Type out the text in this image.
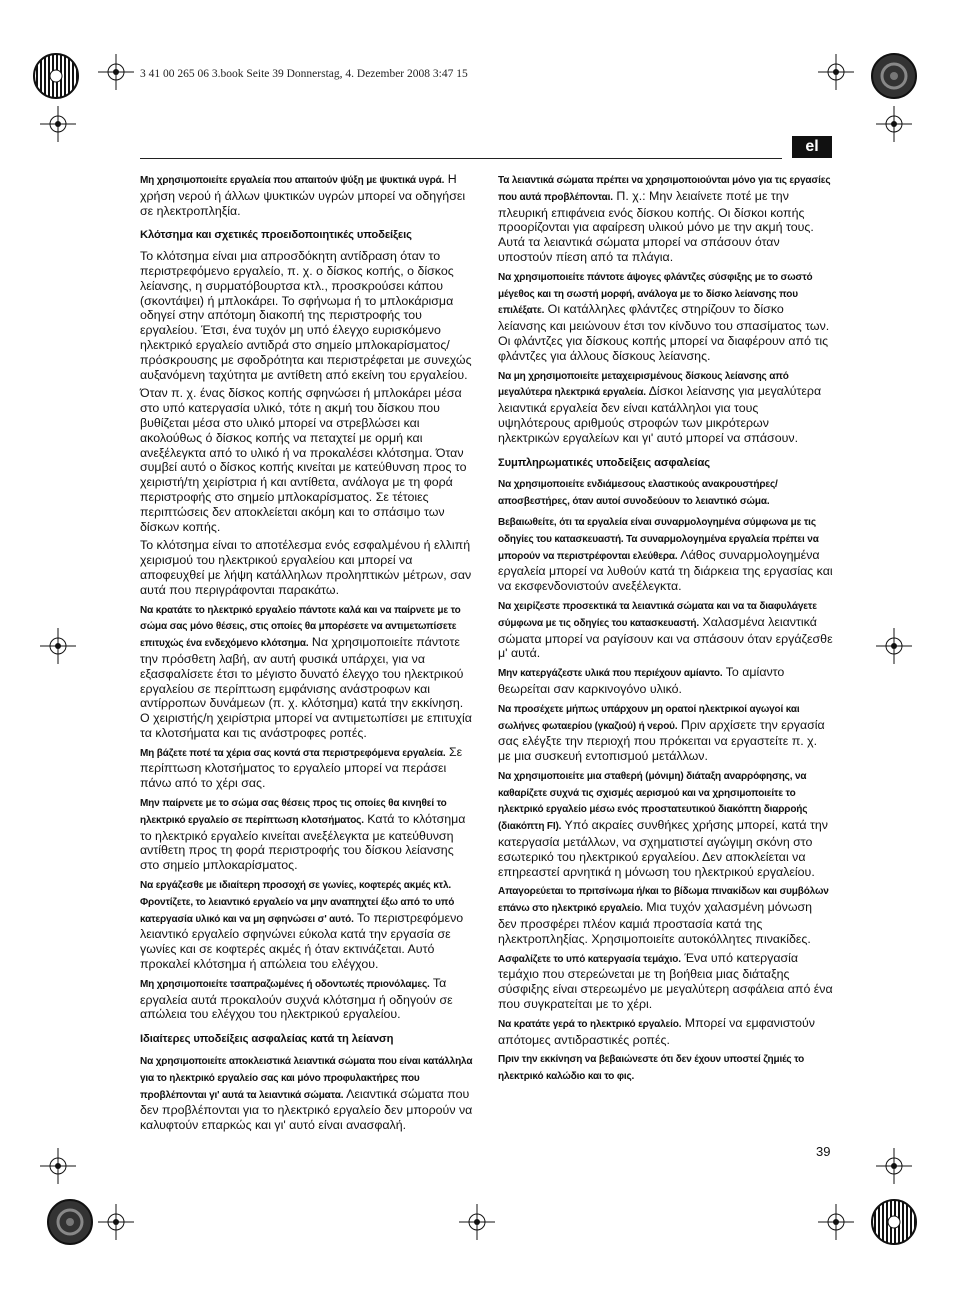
3 41 00 265 06 3.book Seite 39 Donnerstag, 4. Dezember 2008 3:47 15
el

Μη χρησιμοποιείτε εργαλεία που απαιτούν ψύξη με ψυκτικά υγρά. Η χρήση νερού ή άλλων ψυκτικών υγρών μπορεί να οδηγήσει σε ηλεκτροπληξία.

Κλότσημα και σχετικές προειδοποιητικές υποδείξεις

Το κλότσημα είναι μια απροσδόκητη αντίδραση όταν το περιστρεφόμενο εργαλείο, π. χ. ο δίσκος κοπής, ο δίσκος λείανσης, η συρματόβουρτσα κτλ., προσκρούσει κάπου (σκοντάψει) ή μπλοκάρει. Το σφήνωμα ή το μπλοκάρισμα οδηγεί στην απότομη διακοπή της περιστροφής του εργαλείου. Έτσι, ένα τυχόν μη υπό έλεγχο ευρισκόμενο ηλεκτρικό εργαλείο αντιδρά στο σημείο μπλοκαρίσματος/ πρόσκρουσης με σφοδρότητα και περιστρέφεται με συνεχώς αυξανόμενη ταχύτητα με αντίθετη από εκείνη του εργαλείου.

Όταν π. χ. ένας δίσκος κοπής σφηνώσει ή μπλοκάρει μέσα στο υπό κατεργασία υλικό, τότε η ακμή του δίσκου που βυθίζεται μέσα στο υλικό μπορεί να στρεβλώσει και ακολούθως ό δίσκος κοπής να πεταχτεί με ορμή και ανεξέλεγκτα από το υλικό ή να προκαλέσει κλότσημα. Όταν συμβεί αυτό ο δίσκος κοπής κινείται με κατεύθυνση προς το χειριστή/τη χειρίστρια ή και αντίθετα, ανάλογα με τη φορά περιστροφής στο σημείο μπλοκαρίσματος. Σε τέτοιες περιπτώσεις δεν αποκλείεται ακόμη και το σπάσιμο των δίσκων κοπής.

Το κλότσημα είναι το αποτέλεσμα ενός εσφαλμένου ή ελλιπή χειρισμού του ηλεκτρικού εργαλείου και μπορεί να αποφευχθεί με λήψη κατάλληλων προληπτικών μέτρων, σαν αυτά που περιγράφονται παρακάτω.

Να κρατάτε το ηλεκτρικό εργαλείο πάντοτε καλά και να παίρνετε με το σώμα σας μόνο θέσεις, στις οποίες θα μπορέσετε να αντιμετωπίσετε επιτυχώς ένα ενδεχόμενο κλότσημα. Να χρησιμοποιείτε πάντοτε την πρόσθετη λαβή, αν αυτή φυσικά υπάρχει, για να εξασφαλίσετε έτσι το μέγιστο δυνατό έλεγχο του ηλεκτρικού εργαλείου σε περίπτωση εμφάνισης ανάστροφων και αντίρροπων δυνάμεων (π. χ. κλότσημα) κατά την εκκίνηση. Ο χειριστής/η χειρίστρια μπορεί να αντιμετωπίσει με επιτυχία τα κλοτσήματα και τις ανάστροφες ροπές.

Μη βάζετε ποτέ τα χέρια σας κοντά στα περιστρεφόμενα εργαλεία. Σε περίπτωση κλοτσήματος το εργαλείο μπορεί να περάσει πάνω από το χέρι σας.

Μην παίρνετε με το σώμα σας θέσεις προς τις οποίες θα κινηθεί το ηλεκτρικό εργαλείο σε περίπτωση κλοτσήματος. Κατά το κλότσημα το ηλεκτρικό εργαλείο κινείται ανεξέλεγκτα με κατεύθυνση αντίθετη προς τη φορά περιστροφής του δίσκου λείανσης στο σημείο μπλοκαρίσματος.

Να εργάζεσθε με ιδιαίτερη προσοχή σε γωνίες, κοφτερές ακμές κτλ. Φροντίζετε, το λειαντικό εργαλείο να μην αναπηχτεί έξω από το υπό κατεργασία υλικό και να μη σφηνώσει σ' αυτό. Το περιστρεφόμενο λειαντικό εργαλείο σφηνώνει εύκολα κατά την εργασία σε γωνίες και σε κοφτερές ακμές ή όταν εκτινάζεται. Αυτό προκαλεί κλότσημα ή απώλεια του ελέγχου.

Μη χρησιμοποιείτε τσαπραζωμένες ή οδοντωτές πριονόλαμες. Τα εργαλεία αυτά προκαλούν συχνά κλότσημα ή οδηγούν σε απώλεια του ελέγχου του ηλεκτρικού εργαλείου.

Ιδιαίτερες υποδείξεις ασφαλείας κατά τη λείανση

Να χρησιμοποιείτε αποκλειστικά λειαντικά σώματα που είναι κατάλληλα για το ηλεκτρικό εργαλείο σας και μόνο προφυλακτήρες που προβλέπονται γι' αυτά τα λειαντικά σώματα. Λειαντικά σώματα που δεν προβλέπονται για το ηλεκτρικό εργαλείο δεν μπορούν να καλυφτούν επαρκώς και γι' αυτό είναι ανασφαλή.

Τα λειαντικά σώματα πρέπει να χρησιμοποιούνται μόνο για τις εργασίες που αυτά προβλέπονται. Π. χ.: Μην λειαίνετε ποτέ με την πλευρική επιφάνεια ενός δίσκου κοπής. Οι δίσκοι κοπής προορίζονται για αφαίρεση υλικού μόνο με την ακμή τους. Αυτά τα λειαντικά σώματα μπορεί να σπάσουν όταν υποστούν πίεση από τα πλάγια.

Να χρησιμοποιείτε πάντοτε άψογες φλάντζες σύσφιξης με το σωστό μέγεθος και τη σωστή μορφή, ανάλογα με το δίσκο λείανσης που επιλέξατε. Οι κατάλληλες φλάντζες στηρίζουν το δίσκο λείανσης και μειώνουν έτσι τον κίνδυνο του σπασίματος των. Οι φλάντζες για δίσκους κοπής μπορεί να διαφέρουν από τις φλάντζες για άλλους δίσκους λείανσης.

Να μη χρησιμοποιείτε μεταχειρισμένους δίσκους λείανσης από μεγαλύτερα ηλεκτρικά εργαλεία. Δίσκοι λείανσης για μεγαλύτερα λειαντικά εργαλεία δεν είναι κατάλληλοι για τους υψηλότερους αριθμούς στροφών των μικρότερων ηλεκτρικών εργαλείων και γι' αυτό μπορεί να σπάσουν.

Συμπληρωματικές υποδείξεις ασφαλείας

Να χρησιμοποιείτε ενδιάμεσους ελαστικούς ανακρουστήρες/ αποσβεστήρες, όταν αυτοί συνοδεύουν το λειαντικό σώμα.

Βεβαιωθείτε, ότι τα εργαλεία είναι συναρμολογημένα σύμφωνα με τις οδηγίες του κατασκευαστή. Τα συναρμολογημένα εργαλεία πρέπει να μπορούν να περιστρέφονται ελεύθερα. Λάθος συναρμολογημένα εργαλεία μπορεί να λυθούν κατά τη διάρκεια της εργασίας και να εκσφενδονιστούν ανεξέλεγκτα.

Να χειρίζεστε προσεκτικά τα λειαντικά σώματα και να τα διαφυλάγετε σύμφωνα με τις οδηγίες του κατασκευαστή. Χαλασμένα λειαντικά σώματα μπορεί να ραγίσουν και να σπάσουν όταν εργάζεσθε μ' αυτά.

Μην κατεργάζεστε υλικά που περιέχουν αμίαντο. Το αμίαντο θεωρείται σαν καρκινογόνο υλικό.

Να προσέχετε μήπως υπάρχουν μη ορατοί ηλεκτρικοί αγωγοί και σωλήνες φωταερίου (γκαζιού) ή νερού. Πριν αρχίσετε την εργασία σας ελέγξτε την περιοχή που πρόκειται να εργαστείτε π. χ. με μια συσκευή εντοπισμού μετάλλων.

Να χρησιμοποιείτε μια σταθερή (μόνιμη) διάταξη αναρρόφησης, να καθαρίζετε συχνά τις σχισμές αερισμού και να χρησιμοποιείτε το ηλεκτρικό εργαλείο μέσω ενός προστατευτικού διακόπτη διαρροής (διακόπτη FI). Υπό ακραίες συνθήκες χρήσης μπορεί, κατά την κατεργασία μετάλλων, να σχηματιστεί αγώγιμη σκόνη στο εσωτερικό του ηλεκτρικού εργαλείου. Δεν αποκλείεται να επηρεαστεί αρνητικά η μόνωση του ηλεκτρικού εργαλείου.

Απαγορεύεται το πριτσίνωμα ή/και το βίδωμα πινακίδων και συμβόλων επάνω στο ηλεκτρικό εργαλείο. Μια τυχόν χαλασμένη μόνωση δεν προσφέρει πλέον καμιά προστασία κατά της ηλεκτροπληξίας. Χρησιμοποιείτε αυτοκόλλητες πινακίδες.

Ασφαλίζετε το υπό κατεργασία τεμάχιο. Ένα υπό κατεργασία τεμάχιο που στερεώνεται με τη βοήθεια μιας διάταξης σύσφιξης είναι στερεωμένο με μεγαλύτερη ασφάλεια από ένα που συγκρατείται με το χέρι.

Να κρατάτε γερά το ηλεκτρικό εργαλείο. Μπορεί να εμφανιστούν απότομες αντιδραστικές ροπές.

Πριν την εκκίνηση να βεβαιώνεστε ότι δεν έχουν υποστεί ζημιές το ηλεκτρικό καλώδιο και το φις.

39
